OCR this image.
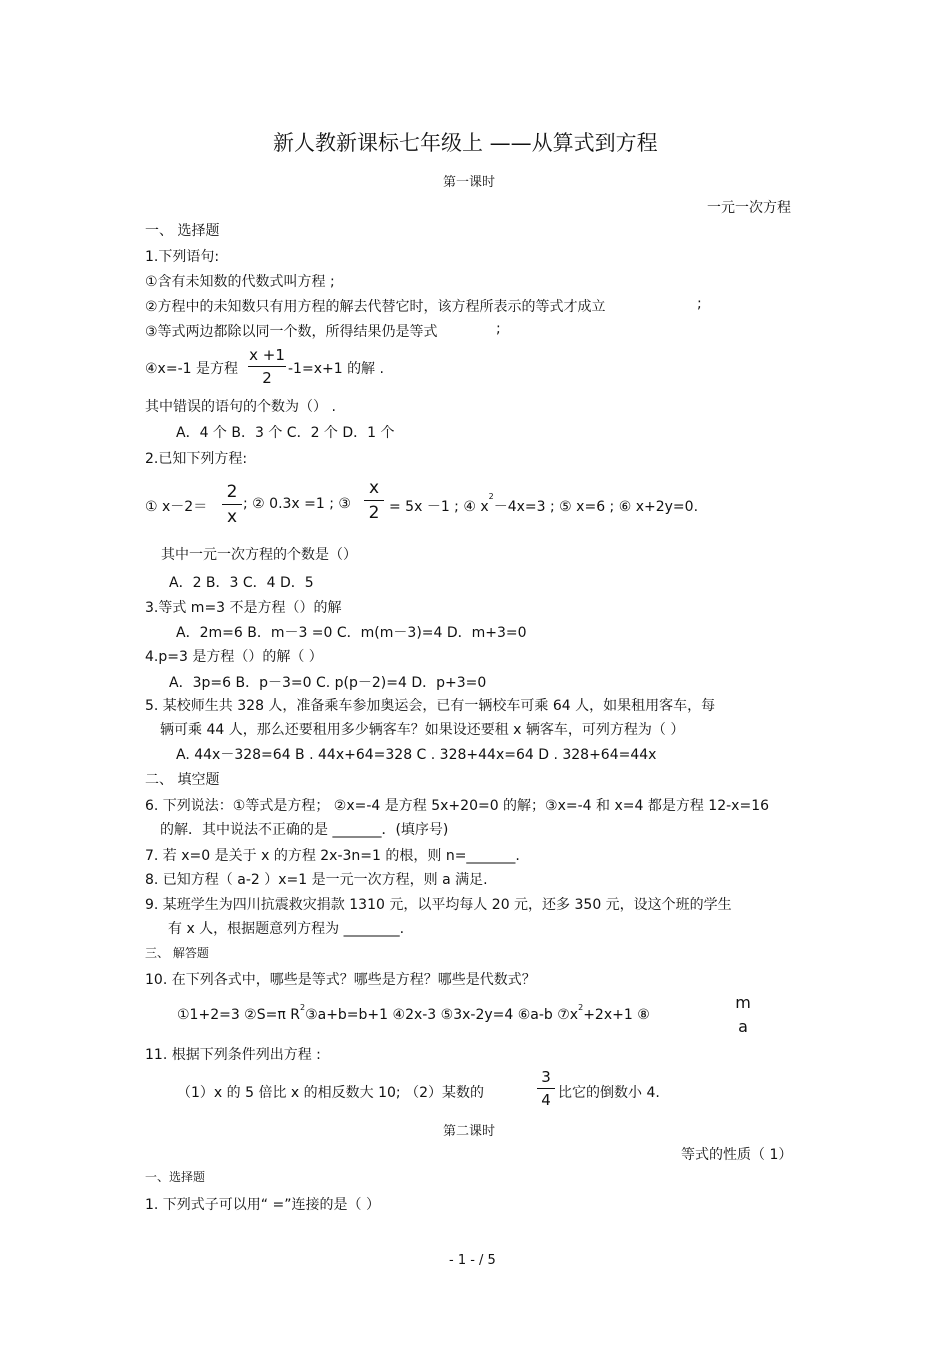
新人教新课标七年级上 ——从算式到方程
第一课时
一元一次方程
一、 选择题
1.下列语句:
①含有未知数的代数式叫方程 ;
②方程中的未知数只有用方程的解去代替它时，该方程所表示的等式才成立	;
③等式两边都除以同一个数，所得结果仍是等式	;
④x=-1 是方程
x +1
2	-1=x+1 的解 .
其中错误的语句的个数为（） .
A．4 个 B．3 个 C．2 个 D．1 个
2.已知下列方程:
① x－2＝
2
x
; ② 0.3x =1 ; ③
x
2 = 5x －1 ; ④ $x^2-4x=3$ ; ⑤ x=6 ; ⑥ x+2y=0.
其中一元一次方程的个数是（）
A．2 B．3 C．4 D．5
3.等式 m=3 不是方程（）的解
A．2m=6 B．m－3 =0 C．m(m－3)=4 D．m+3=0
4.p=3 是方程（）的解（ ）
A．3p=6 B．p－3=0 C. p(p－2)=4 D．p+3=0
5. 某校师生共 328 人，准备乘车参加奥运会，已有一辆校车可乘 64 人，如果租用客车，每
辆可乘 44 人，那么还要租用多少辆客车？如果设还要租 x 辆客车，可列方程为（ ）
A. 44x－328=64 B . 44x+64=328 C . 328+44x=64 D . 328+64=44x
二、 填空题
6. 下列说法：①等式是方程； ②x=-4 是方程 5x+20=0 的解；③x=-4 和 x=4 都是方程 12-x=16
的解．其中说法不正确的是 _______．(填序号)
7. 若 x=0 是关于 x 的方程 2x-3n=1 的根，则 n=_______.
8. 已知方程（ a-2 ）x=1 是一元一次方程，则 a 满足.
9. 某班学生为四川抗震救灾捐款 1310 元，以平均每人 20 元，还多 350 元，设这个班的学生
有 x 人，根据题意列方程为 ________.
三、 解答题
10. 在下列各式中，哪些是等式？哪些是方程？哪些是代数式？
①1+2=3 ②S=π $R^2③a+b=b+1$ ④2x-3 ⑤3x-2y=4 ⑥a-b $⑦x^2+2x+1$ ⑧
m
a
11. 根据下列条件列出方程 :
（1）x 的 5 倍比 x 的相反数大 10; （2）某数的
3
4 比它的倒数小 4.
第二课时
等式的性质（ 1）
一、选择题
1. 下列式子可以用“ =”连接的是（ ）
- 1 - / 5
